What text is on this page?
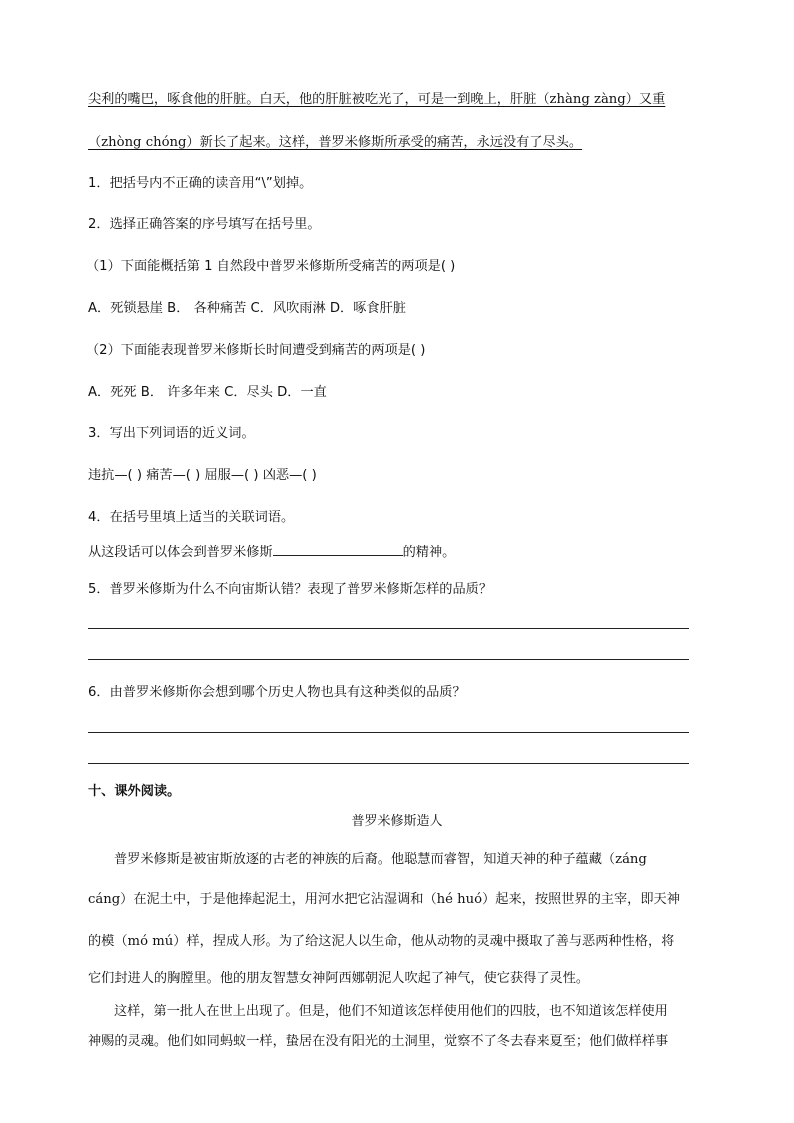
尖利的嘴巴，啄食他的肝脏。白天，他的肝脏被吃光了，可是一到晚上，肝脏（zhàng zàng）又重
（zhòng chóng）新长了起来。这样，普罗米修斯所承受的痛苦，永远没有了尽头。
1．把括号内不正确的读音用“\”划掉。
2．选择正确答案的序号填写在括号里。
（1）下面能概括第 1 自然段中普罗米修斯所受痛苦的两项是( )
A．死锁悬崖 B． 各种痛苦 C．风吹雨淋 D．啄食肝脏
（2）下面能表现普罗米修斯长时间遭受到痛苦的两项是( )
A．死死 B． 许多年来 C．尽头 D．一直
3．写出下列词语的近义词。
违抗—( ) 痛苦—( ) 屈服—( ) 凶恶—( )
4．在括号里填上适当的关联词语。
从这段话可以体会到普罗米修斯	的精神。
5．普罗米修斯为什么不向宙斯认错？表现了普罗米修斯怎样的品质？
6．由普罗米修斯你会想到哪个历史人物也具有这种类似的品质？
十、课外阅读。
普罗米修斯造人
普罗米修斯是被宙斯放逐的古老的神族的后裔。他聪慧而睿智，知道天神的种子蕴藏（záng
cáng）在泥土中，于是他捧起泥土，用河水把它沾湿调和（hé huó）起来，按照世界的主宰，即天神
的模（mó mú）样，捏成人形。为了给这泥人以生命，他从动物的灵魂中摄取了善与恶两种性格，将
它们封进人的胸膛里。他的朋友智慧女神阿西娜朝泥人吹起了神气，使它获得了灵性。
这样，第一批人在世上出现了。但是，他们不知道该怎样使用他们的四肢，也不知道该怎样使用
神赐的灵魂。他们如同蚂蚁一样，蛰居在没有阳光的土洞里，觉察不了冬去春来夏至；他们做样样事
